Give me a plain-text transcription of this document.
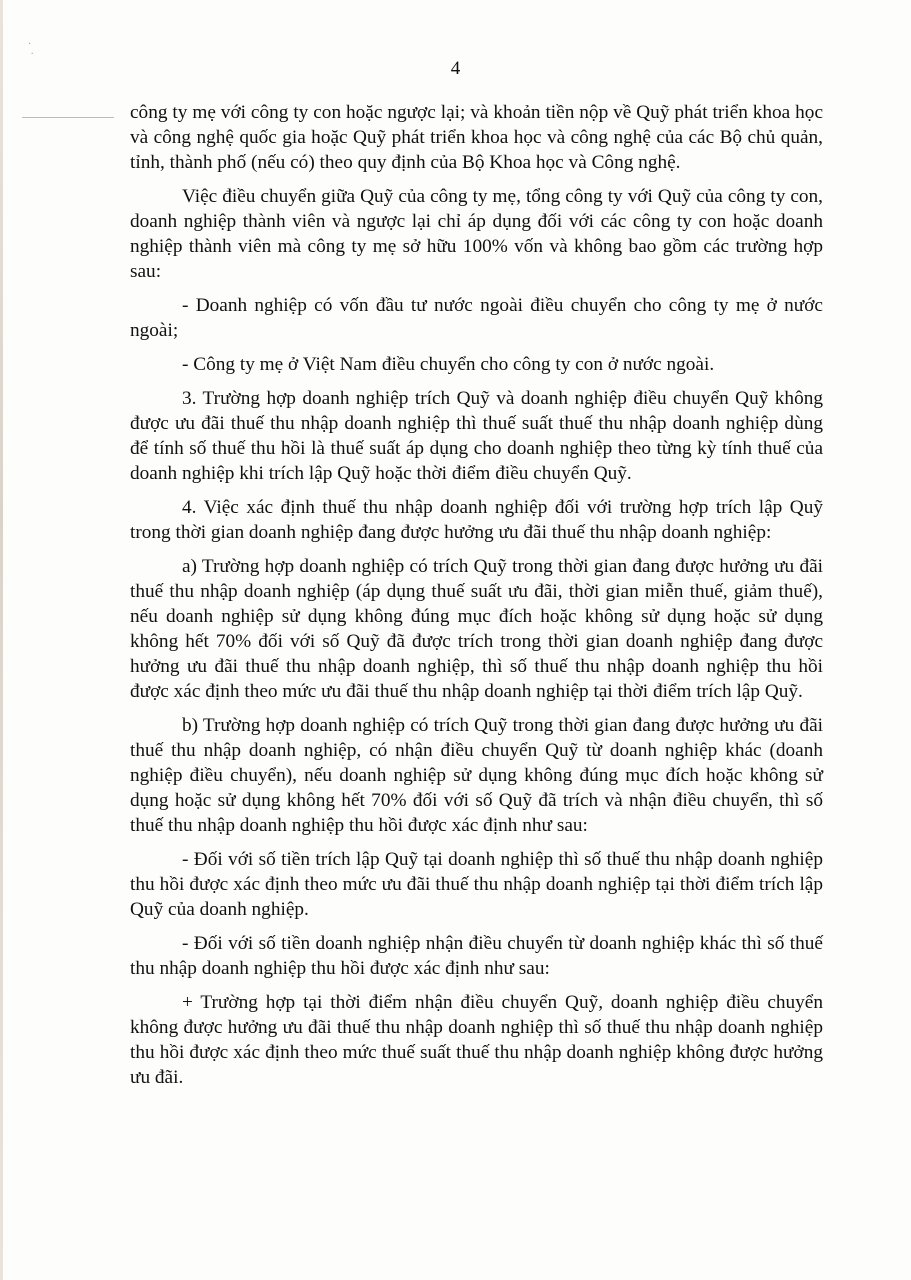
·
·
4

công ty mẹ với công ty con hoặc ngược lại; và khoản tiền nộp về Quỹ phát triển khoa học và công nghệ quốc gia hoặc Quỹ phát triển khoa học và công nghệ của các Bộ chủ quản, tỉnh, thành phố (nếu có) theo quy định của Bộ Khoa học và Công nghệ.

Việc điều chuyển giữa Quỹ của công ty mẹ, tổng công ty với Quỹ của công ty con, doanh nghiệp thành viên và ngược lại chỉ áp dụng đối với các công ty con hoặc doanh nghiệp thành viên mà công ty mẹ sở hữu 100% vốn và không bao gồm các trường hợp sau:

- Doanh nghiệp có vốn đầu tư nước ngoài điều chuyển cho công ty mẹ ở nước ngoài;

- Công ty mẹ ở Việt Nam điều chuyển cho công ty con ở nước ngoài.

3. Trường hợp doanh nghiệp trích Quỹ và doanh nghiệp điều chuyển Quỹ không được ưu đãi thuế thu nhập doanh nghiệp thì thuế suất thuế thu nhập doanh nghiệp dùng để tính số thuế thu hồi là thuế suất áp dụng cho doanh nghiệp theo từng kỳ tính thuế của doanh nghiệp khi trích lập Quỹ hoặc thời điểm điều chuyển Quỹ.

4. Việc xác định thuế thu nhập doanh nghiệp đối với trường hợp trích lập Quỹ trong thời gian doanh nghiệp đang được hưởng ưu đãi thuế thu nhập doanh nghiệp:

a) Trường hợp doanh nghiệp có trích Quỹ trong thời gian đang được hưởng ưu đãi thuế thu nhập doanh nghiệp (áp dụng thuế suất ưu đãi, thời gian miễn thuế, giảm thuế), nếu doanh nghiệp sử dụng không đúng mục đích hoặc không sử dụng hoặc sử dụng không hết 70% đối với số Quỹ đã được trích trong thời gian doanh nghiệp đang được hưởng ưu đãi thuế thu nhập doanh nghiệp, thì số thuế thu nhập doanh nghiệp thu hồi được xác định theo mức ưu đãi thuế thu nhập doanh nghiệp tại thời điểm trích lập Quỹ.

b) Trường hợp doanh nghiệp có trích Quỹ trong thời gian đang được hưởng ưu đãi thuế thu nhập doanh nghiệp, có nhận điều chuyển Quỹ từ doanh nghiệp khác (doanh nghiệp điều chuyển), nếu doanh nghiệp sử dụng không đúng mục đích hoặc không sử dụng hoặc sử dụng không hết 70% đối với số Quỹ đã trích và nhận điều chuyển, thì số thuế thu nhập doanh nghiệp thu hồi được xác định như sau:

- Đối với số tiền trích lập Quỹ tại doanh nghiệp thì số thuế thu nhập doanh nghiệp thu hồi được xác định theo mức ưu đãi thuế thu nhập doanh nghiệp tại thời điểm trích lập Quỹ của doanh nghiệp.

- Đối với số tiền doanh nghiệp nhận điều chuyển từ doanh nghiệp khác thì số thuế thu nhập doanh nghiệp thu hồi được xác định như sau:

+ Trường hợp tại thời điểm nhận điều chuyển Quỹ, doanh nghiệp điều chuyển không được hưởng ưu đãi thuế thu nhập doanh nghiệp thì số thuế thu nhập doanh nghiệp thu hồi được xác định theo mức thuế suất thuế thu nhập doanh nghiệp không được hưởng ưu đãi.
